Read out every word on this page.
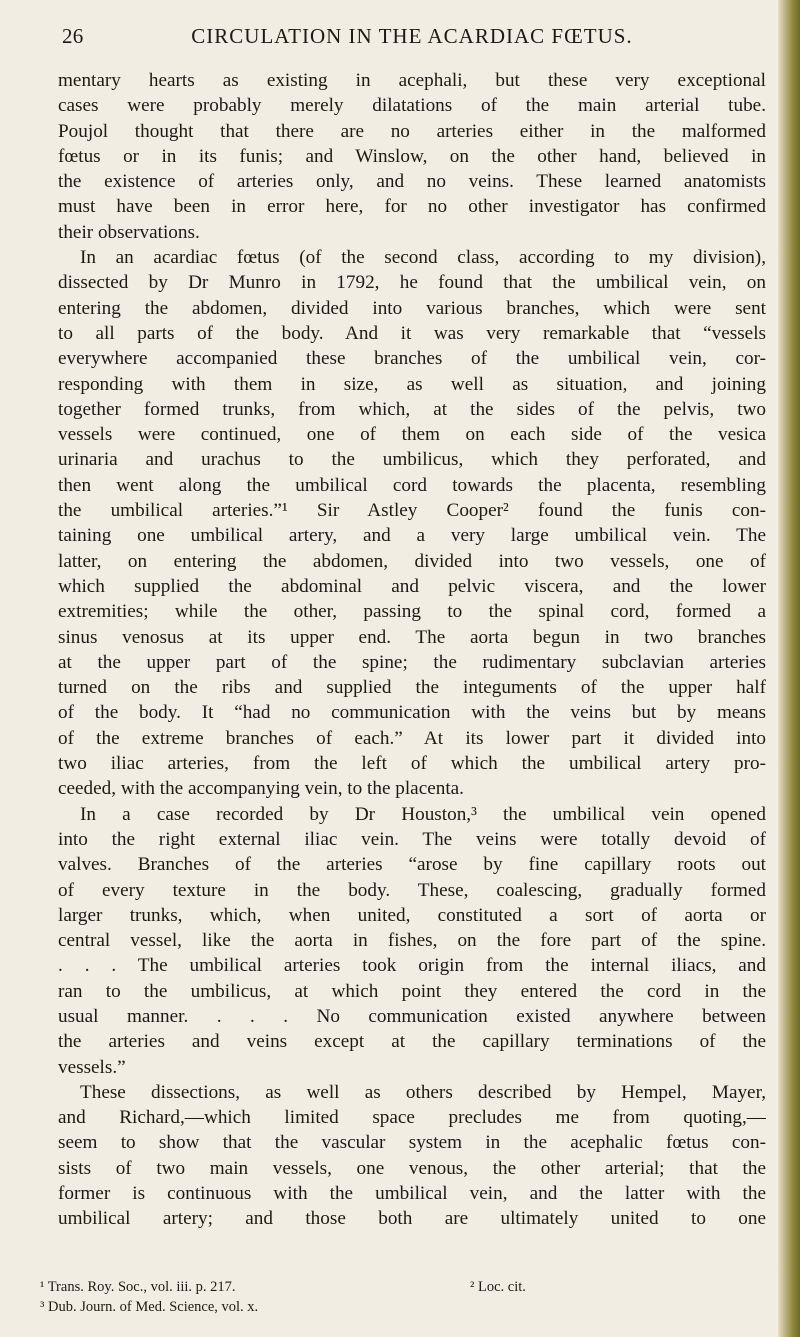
26	CIRCULATION IN THE ACARDIAC FŒTUS.
mentary hearts as existing in acephali, but these very exceptional
cases were probably merely dilatations of the main arterial tube.
Poujol thought that there are no arteries either in the malformed
fœtus or in its funis; and Winslow, on the other hand, believed in
the existence of arteries only, and no veins. These learned anatomists
must have been in error here, for no other investigator has confirmed
their observations.
In an acardiac fœtus (of the second class, according to my division),
dissected by Dr Munro in 1792, he found that the umbilical vein, on
entering the abdomen, divided into various branches, which were sent
to all parts of the body. And it was very remarkable that “vessels
everywhere accompanied these branches of the umbilical vein, cor-
responding with them in size, as well as situation, and joining
together formed trunks, from which, at the sides of the pelvis, two
vessels were continued, one of them on each side of the vesica
urinaria and urachus to the umbilicus, which they perforated, and
then went along the umbilical cord towards the placenta, resembling
the umbilical arteries.”¹ Sir Astley Cooper² found the funis con-
taining one umbilical artery, and a very large umbilical vein. The
latter, on entering the abdomen, divided into two vessels, one of
which supplied the abdominal and pelvic viscera, and the lower
extremities; while the other, passing to the spinal cord, formed a
sinus venosus at its upper end. The aorta begun in two branches
at the upper part of the spine; the rudimentary subclavian arteries
turned on the ribs and supplied the integuments of the upper half
of the body. It “had no communication with the veins but by means
of the extreme branches of each.” At its lower part it divided into
two iliac arteries, from the left of which the umbilical artery pro-
ceeded, with the accompanying vein, to the placenta.
In a case recorded by Dr Houston,³ the umbilical vein opened
into the right external iliac vein. The veins were totally devoid of
valves. Branches of the arteries “arose by fine capillary roots out
of every texture in the body. These, coalescing, gradually formed
larger trunks, which, when united, constituted a sort of aorta or
central vessel, like the aorta in fishes, on the fore part of the spine.
. . . The umbilical arteries took origin from the internal iliacs, and
ran to the umbilicus, at which point they entered the cord in the
usual manner. . . . No communication existed anywhere between
the arteries and veins except at the capillary terminations of the
vessels.”
These dissections, as well as others described by Hempel, Mayer,
and Richard,—which limited space precludes me from quoting,—
seem to show that the vascular system in the acephalic fœtus con-
sists of two main vessels, one venous, the other arterial; that the
former is continuous with the umbilical vein, and the latter with the
umbilical artery; and those both are ultimately united to one
¹ Trans. Roy. Soc., vol. iii. p. 217.	² Loc. cit.
³ Dub. Journ. of Med. Science, vol. x.
